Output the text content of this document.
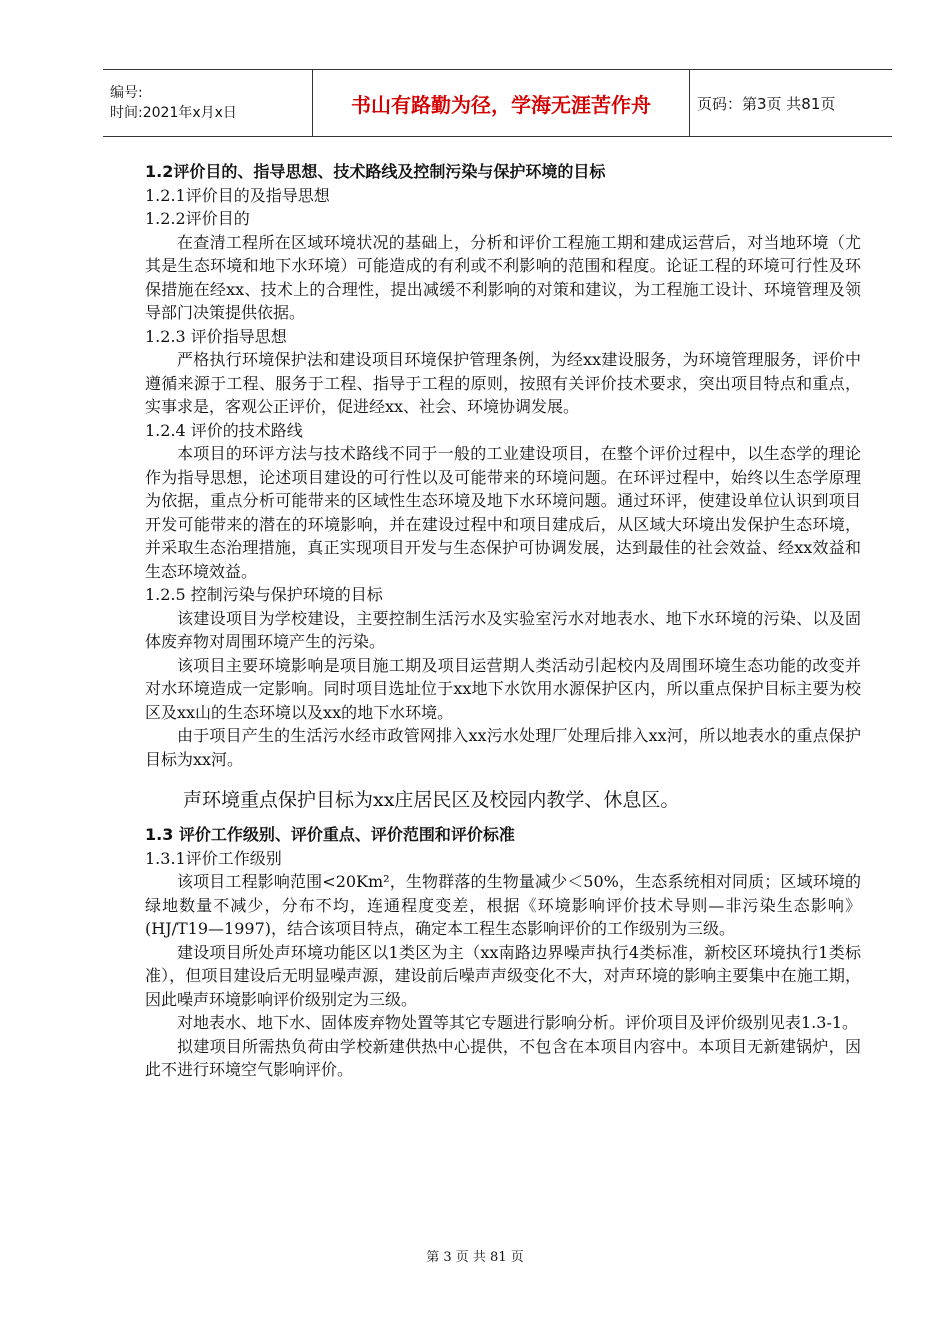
编号:
时间:2021年x月x日	书山有路勤为径，学海无涯苦作舟	页码：第3页 共81页

1.2评价目的、指导思想、技术路线及控制污染与保护环境的目标

1.2.1评价目的及指导思想

1.2.2评价目的

在查清工程所在区域环境状况的基础上，分析和评价工程施工期和建成运营后，对当地环境（尤其是生态环境和地下水环境）可能造成的有利或不利影响的范围和程度。论证工程的环境可行性及环保措施在经xx、技术上的合理性，提出减缓不利影响的对策和建议，为工程施工设计、环境管理及领导部门决策提供依据。

1.2.3 评价指导思想

严格执行环境保护法和建设项目环境保护管理条例，为经xx建设服务，为环境管理服务，评价中遵循来源于工程、服务于工程、指导于工程的原则，按照有关评价技术要求，突出项目特点和重点，实事求是，客观公正评价，促进经xx、社会、环境协调发展。

1.2.4 评价的技术路线

本项目的环评方法与技术路线不同于一般的工业建设项目，在整个评价过程中，以生态学的理论作为指导思想，论述项目建设的可行性以及可能带来的环境问题。在环评过程中，始终以生态学原理为依据，重点分析可能带来的区域性生态环境及地下水环境问题。通过环评，使建设单位认识到项目开发可能带来的潜在的环境影响，并在建设过程中和项目建成后，从区域大环境出发保护生态环境，并采取生态治理措施，真正实现项目开发与生态保护可协调发展，达到最佳的社会效益、经xx效益和生态环境效益。

1.2.5 控制污染与保护环境的目标

该建设项目为学校建设，主要控制生活污水及实验室污水对地表水、地下水环境的污染、以及固体废弃物对周围环境产生的污染。

该项目主要环境影响是项目施工期及项目运营期人类活动引起校内及周围环境生态功能的改变并对水环境造成一定影响。同时项目选址位于xx地下水饮用水源保护区内，所以重点保护目标主要为校区及xx山的生态环境以及xx的地下水环境。

由于项目产生的生活污水经市政管网排入xx污水处理厂处理后排入xx河，所以地表水的重点保护目标为xx河。

声环境重点保护目标为xx庄居民区及校园内教学、休息区。

1.3 评价工作级别、评价重点、评价范围和评价标准

1.3.1评价工作级别

该项目工程影响范围<20Km²，生物群落的生物量减少＜50%，生态系统相对同质；区域环境的绿地数量不减少，分布不均，连通程度变差，根据《环境影响评价技术导则—非污染生态影响》(HJ/T19—1997)，结合该项目特点，确定本工程生态影响评价的工作级别为三级。

建设项目所处声环境功能区以1类区为主（xx南路边界噪声执行4类标准，新校区环境执行1类标准），但项目建设后无明显噪声源，建设前后噪声声级变化不大，对声环境的影响主要集中在施工期，因此噪声环境影响评价级别定为三级。

对地表水、地下水、固体废弃物处置等其它专题进行影响分析。评价项目及评价级别见表1.3-1。

拟建项目所需热负荷由学校新建供热中心提供，不包含在本项目内容中。本项目无新建锅炉，因此不进行环境空气影响评价。

第 3 页 共 81 页
